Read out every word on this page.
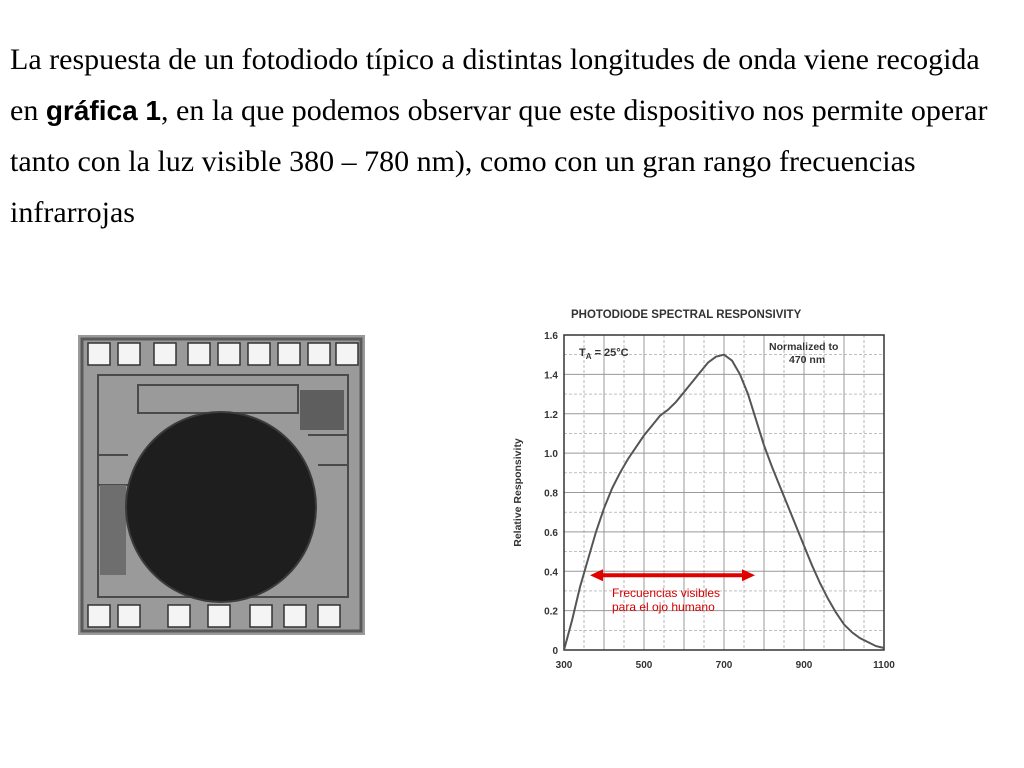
La respuesta de un fotodiodo típico a distintas longitudes de onda viene recogida en gráfica 1, en la que podemos observar que este dispositivo nos permite operar tanto con la luz visible 380 – 780 nm), como con un gran rango frecuencias infrarrojas
PHOTODIODE SPECTRAL RESPONSIVITY
Relative Responsivity
0
0.2
0.4
0.6
0.8
1.0
1.2
1.4
1.6
300	500	700	900	1100
$T_A = 25^\circ C$	Normalized to
470 nm
Frecuencias visibles
para el ojo humano
